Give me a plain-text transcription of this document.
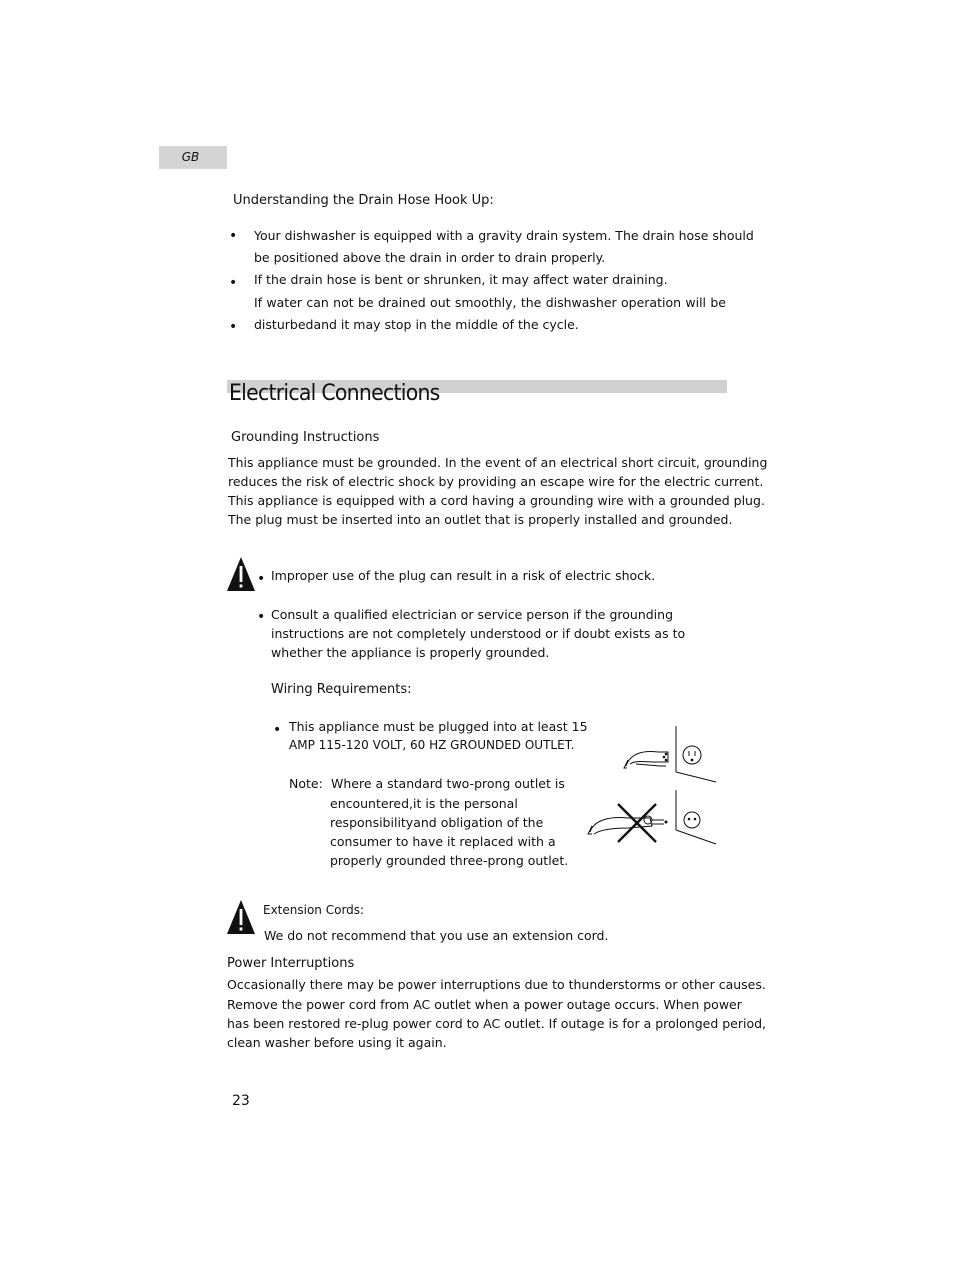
GB
Understanding the Drain Hose Hook Up:
• Your dishwasher is equipped with a gravity drain system. The drain hose should
be positioned above the drain in order to drain properly.
• If the drain hose is bent or shrunken, it may affect water draining.
If water can not be drained out smoothly, the dishwasher operation will be
• disturbedand it may stop in the middle of the cycle.
Electrical Connections
Grounding Instructions
This appliance must be grounded. In the event of an electrical short circuit, grounding
reduces the risk of electric shock by providing an escape wire for the electric current.
This appliance is equipped with a cord having a grounding wire with a grounded plug.
The plug must be inserted into an outlet that is properly installed and grounded.
• Improper use of the plug can result in a risk of electric shock.
• Consult a qualified electrician or service person if the grounding
instructions are not completely understood or if doubt exists as to
whether the appliance is properly grounded.
Wiring Requirements:
• This appliance must be plugged into at least 15
AMP 115-120 VOLT, 60 HZ GROUNDED OUTLET.
Note: Where a standard two-prong outlet is
encountered,it is the personal
responsibilityand obligation of the
consumer to have it replaced with a
properly grounded three-prong outlet.
Extension Cords:
We do not recommend that you use an extension cord.
Power Interruptions
Occasionally there may be power interruptions due to thunderstorms or other causes.
Remove the power cord from AC outlet when a power outage occurs. When power
has been restored re-plug power cord to AC outlet. If outage is for a prolonged period,
clean washer before using it again.
23
